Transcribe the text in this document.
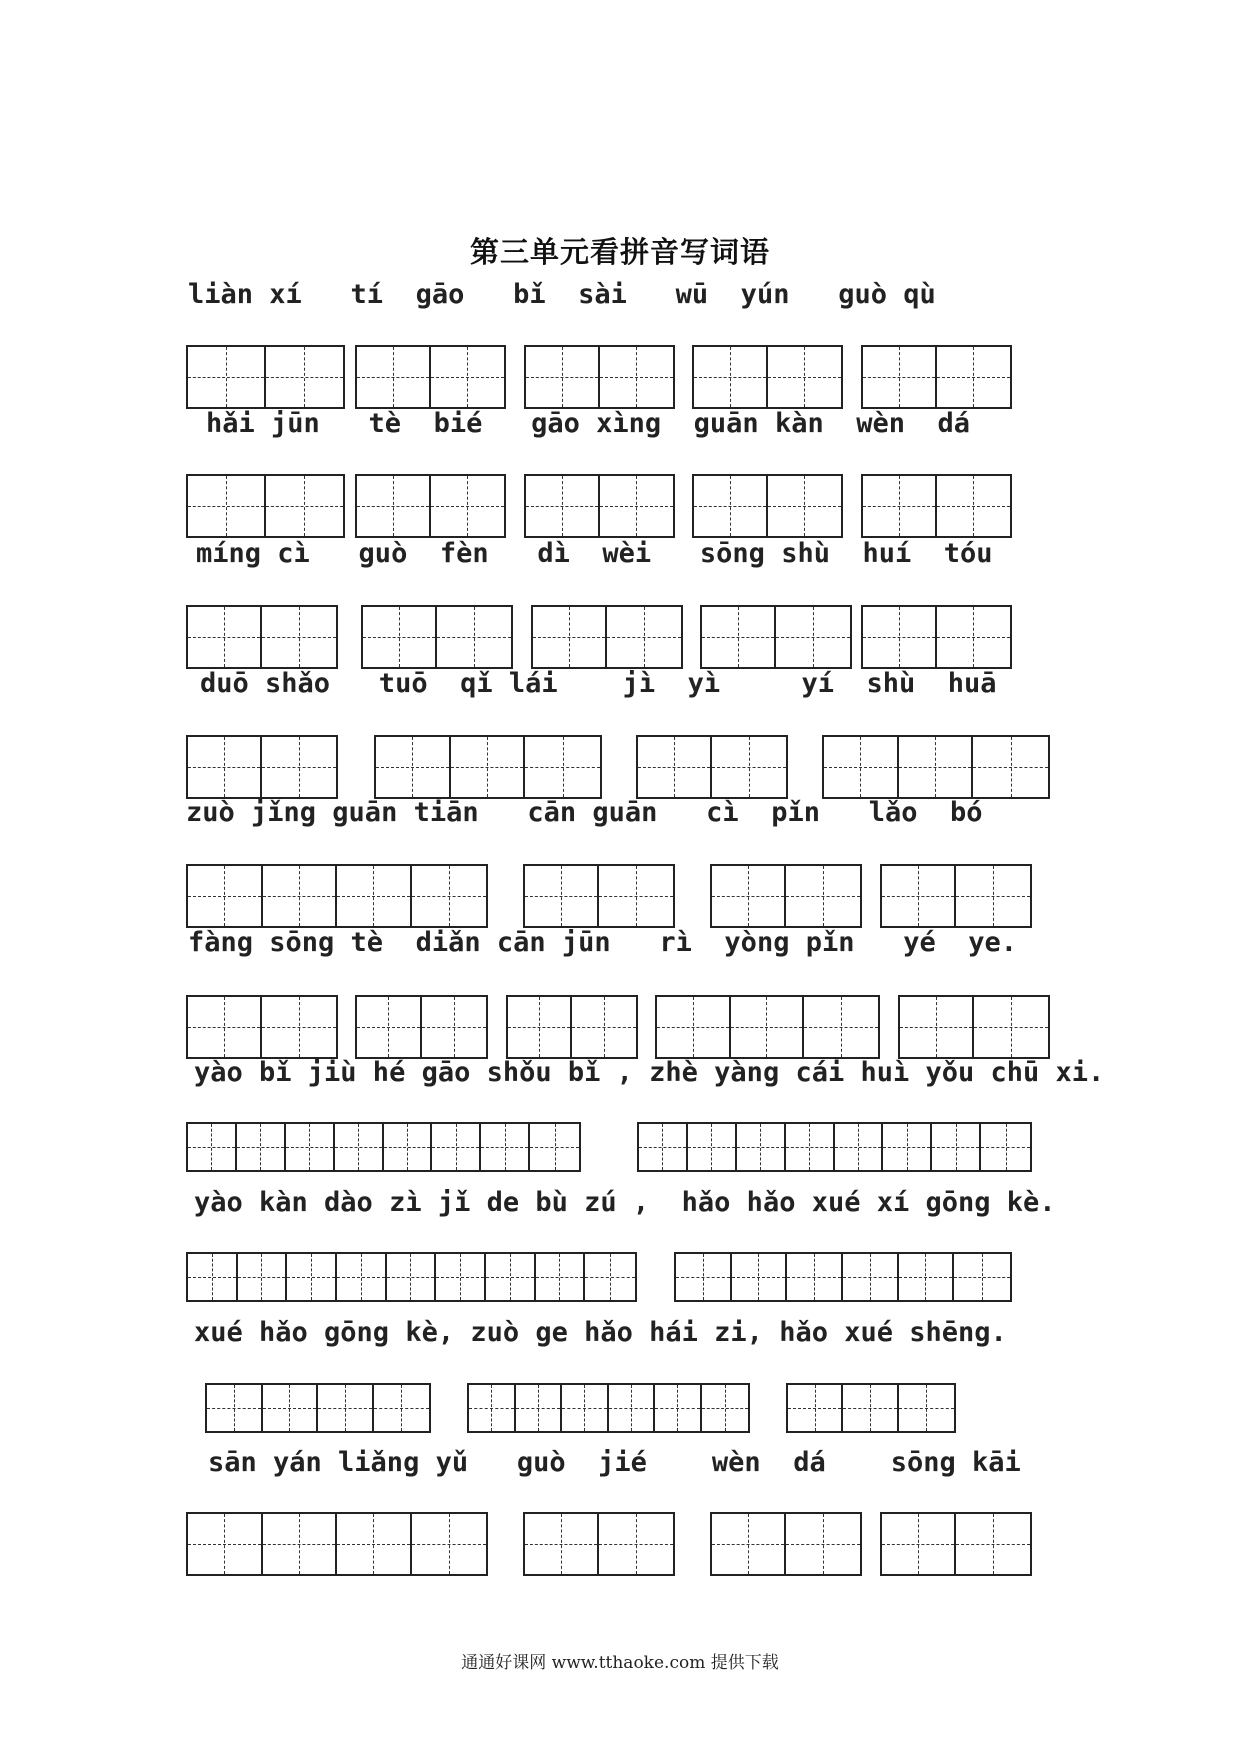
第三单元看拼音写词语
liàn xí   tí  gāo   bǐ  sài   wū  yún   guò qù
hǎi jūn   tè  bié   gāo xìng  guān kàn  wèn  dá
míng cì   guò  fèn   dì  wèi   sōng shù  huí  tóu
duō shǎo   tuō  qǐ lái    jì  yì     yí  shù  huā
zuò jǐng guān tiān   cān guān   cì  pǐn   lǎo  bó
fàng sōng tè  diǎn cān jūn   rì  yòng pǐn   yé  ye.
yào bǐ jiù hé gāo shǒu bǐ , zhè yàng cái huì yǒu chū xi.
yào kàn dào zì jǐ de bù zú ,  hǎo hǎo xué xí gōng kè.
xué hǎo gōng kè, zuò ge hǎo hái zi, hǎo xué shēng.
sān yán liǎng yǔ   guò  jié    wèn  dá    sōng kāi
通通好课网 www.tthaoke.com 提供下载
